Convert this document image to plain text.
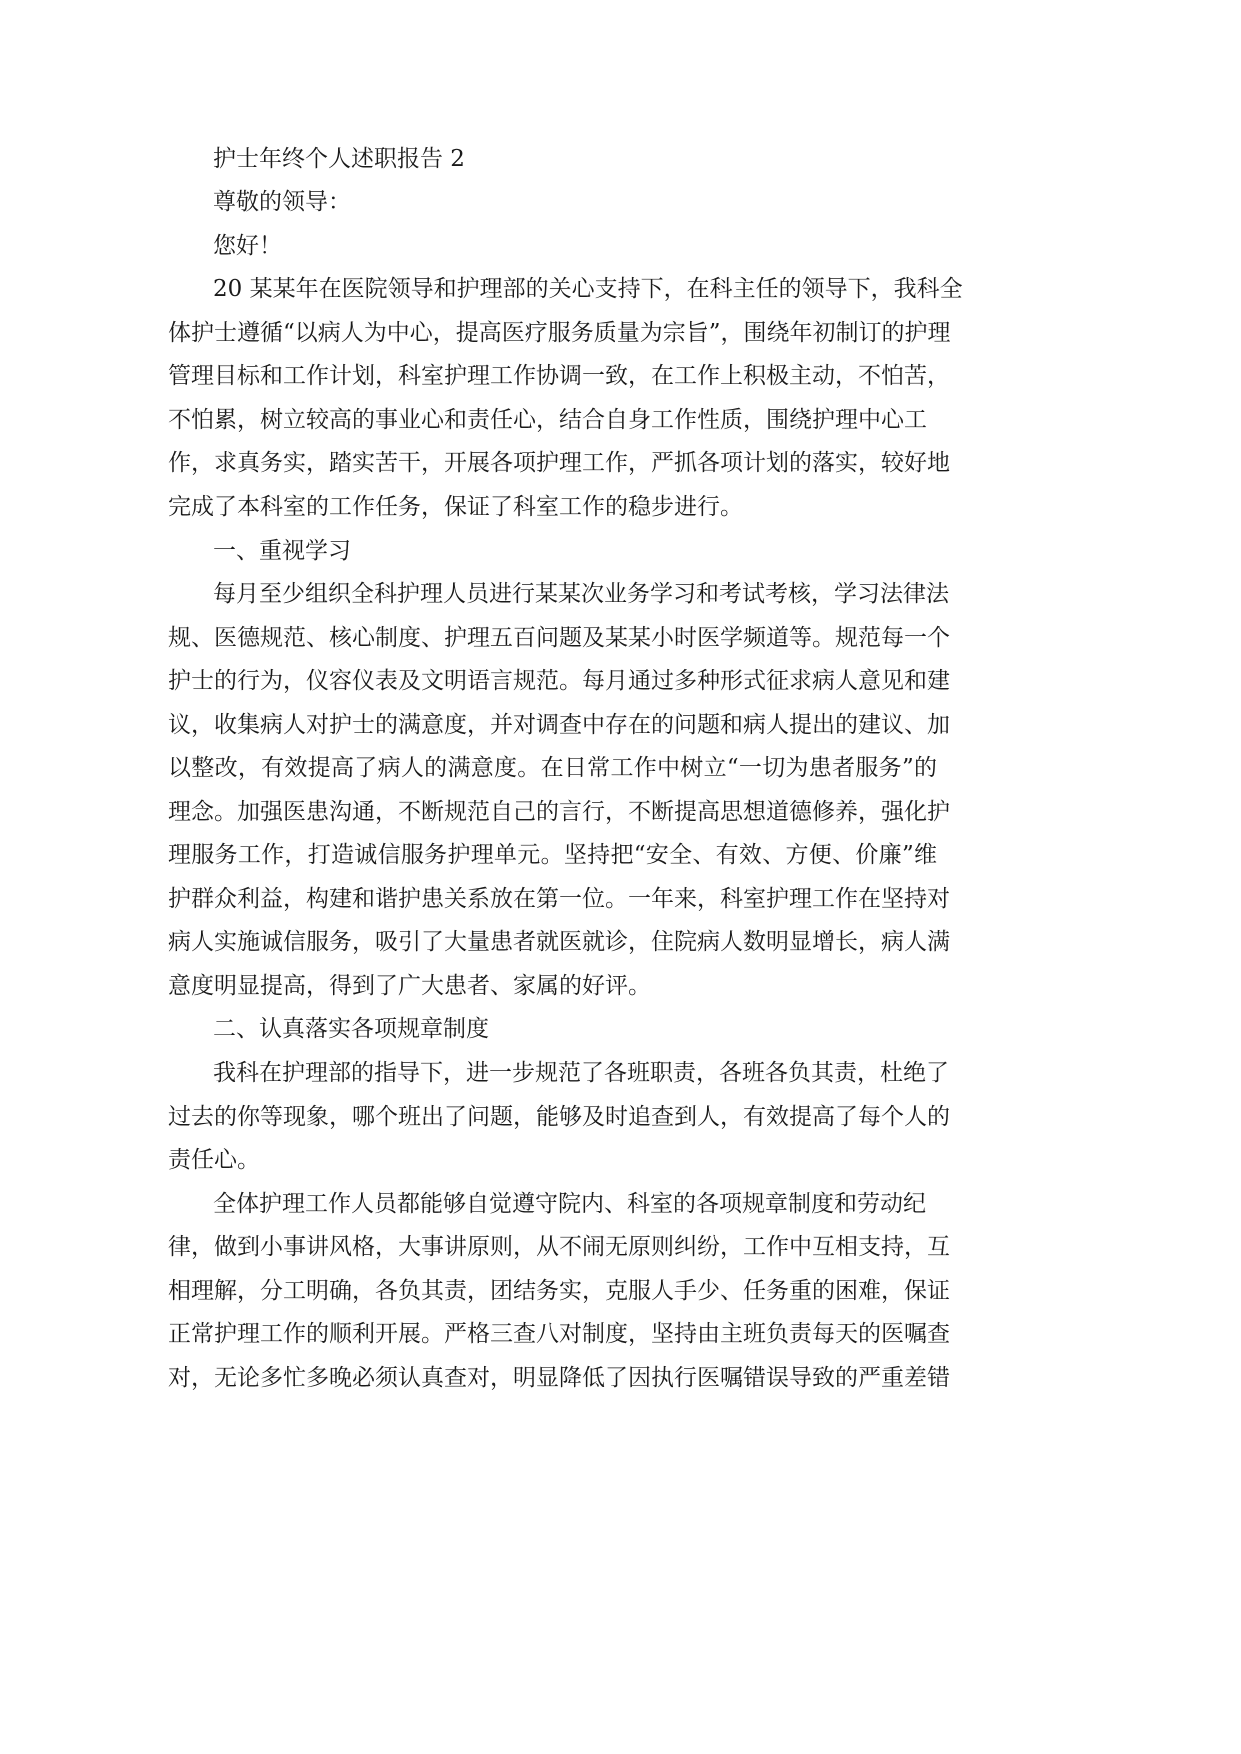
护士年终个人述职报告 2
尊敬的领导：
您好！
20 某某年在医院领导和护理部的关心支持下，在科主任的领导下，我科全
体护士遵循“以病人为中心，提高医疗服务质量为宗旨”，围绕年初制订的护理
管理目标和工作计划，科室护理工作协调一致，在工作上积极主动，不怕苦，
不怕累，树立较高的事业心和责任心，结合自身工作性质，围绕护理中心工
作，求真务实，踏实苦干，开展各项护理工作，严抓各项计划的落实，较好地
完成了本科室的工作任务，保证了科室工作的稳步进行。
一、重视学习
每月至少组织全科护理人员进行某某次业务学习和考试考核，学习法律法
规、医德规范、核心制度、护理五百问题及某某小时医学频道等。规范每一个
护士的行为，仪容仪表及文明语言规范。每月通过多种形式征求病人意见和建
议，收集病人对护士的满意度，并对调查中存在的问题和病人提出的建议、加
以整改，有效提高了病人的满意度。在日常工作中树立“一切为患者服务”的
理念。加强医患沟通，不断规范自己的言行，不断提高思想道德修养，强化护
理服务工作，打造诚信服务护理单元。坚持把“安全、有效、方便、价廉”维
护群众利益，构建和谐护患关系放在第一位。一年来，科室护理工作在坚持对
病人实施诚信服务，吸引了大量患者就医就诊，住院病人数明显增长，病人满
意度明显提高，得到了广大患者、家属的好评。
二、认真落实各项规章制度
我科在护理部的指导下，进一步规范了各班职责，各班各负其责，杜绝了
过去的你等现象，哪个班出了问题，能够及时追查到人，有效提高了每个人的
责任心。
全体护理工作人员都能够自觉遵守院内、科室的各项规章制度和劳动纪
律，做到小事讲风格，大事讲原则，从不闹无原则纠纷，工作中互相支持，互
相理解，分工明确，各负其责，团结务实，克服人手少、任务重的困难，保证
正常护理工作的顺利开展。严格三查八对制度，坚持由主班负责每天的医嘱查
对，无论多忙多晚必须认真查对，明显降低了因执行医嘱错误导致的严重差错
